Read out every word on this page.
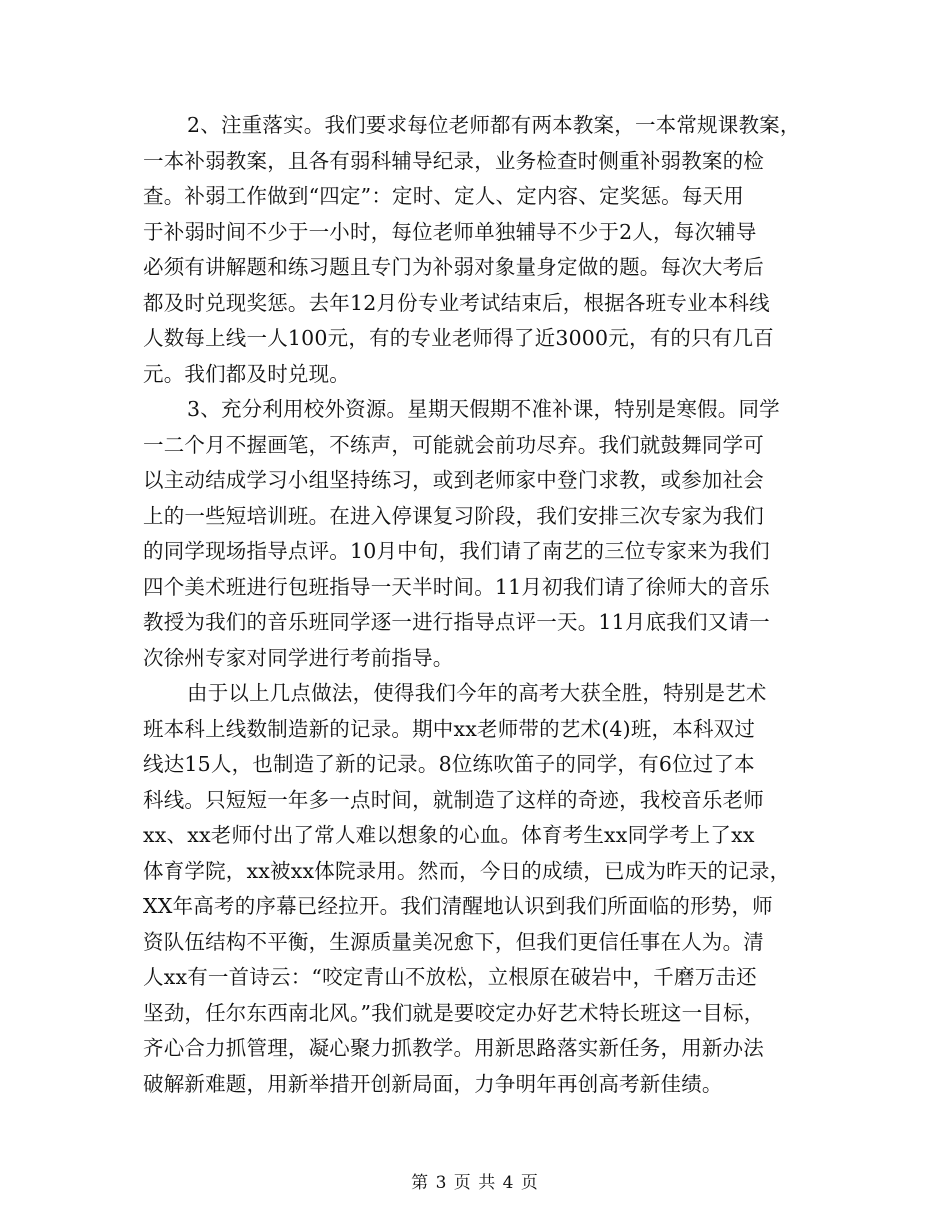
2、注重落实。我们要求每位老师都有两本教案，一本常规课教案，
一本补弱教案，且各有弱科辅导纪录，业务检查时侧重补弱教案的检
查。补弱工作做到“四定”：定时、定人、定内容、定奖惩。每天用
于补弱时间不少于一小时，每位老师单独辅导不少于2人，每次辅导
必须有讲解题和练习题且专门为补弱对象量身定做的题。每次大考后
都及时兑现奖惩。去年12月份专业考试结束后，根据各班专业本科线
人数每上线一人100元，有的专业老师得了近3000元，有的只有几百
元。我们都及时兑现。
3、充分利用校外资源。星期天假期不准补课，特别是寒假。同学
一二个月不握画笔，不练声，可能就会前功尽弃。我们就鼓舞同学可
以主动结成学习小组坚持练习，或到老师家中登门求教，或参加社会
上的一些短培训班。在进入停课复习阶段，我们安排三次专家为我们
的同学现场指导点评。10月中旬，我们请了南艺的三位专家来为我们
四个美术班进行包班指导一天半时间。11月初我们请了徐师大的音乐
教授为我们的音乐班同学逐一进行指导点评一天。11月底我们又请一
次徐州专家对同学进行考前指导。
由于以上几点做法，使得我们今年的高考大获全胜，特别是艺术
班本科上线数制造新的记录。期中xx老师带的艺术(4)班，本科双过
线达15人，也制造了新的记录。8位练吹笛子的同学，有6位过了本
科线。只短短一年多一点时间，就制造了这样的奇迹，我校音乐老师
xx、xx老师付出了常人难以想象的心血。体育考生xx同学考上了xx
体育学院，xx被xx体院录用。然而，今日的成绩，已成为昨天的记录，
XX年高考的序幕已经拉开。我们清醒地认识到我们所面临的形势，师
资队伍结构不平衡，生源质量美况愈下，但我们更信任事在人为。清
人xx有一首诗云：“咬定青山不放松，立根原在破岩中，千磨万击还
坚劲，任尔东西南北风。”我们就是要咬定办好艺术特长班这一目标，
齐心合力抓管理，凝心聚力抓教学。用新思路落实新任务，用新办法
破解新难题，用新举措开创新局面，力争明年再创高考新佳绩。
第 3 页 共 4 页
